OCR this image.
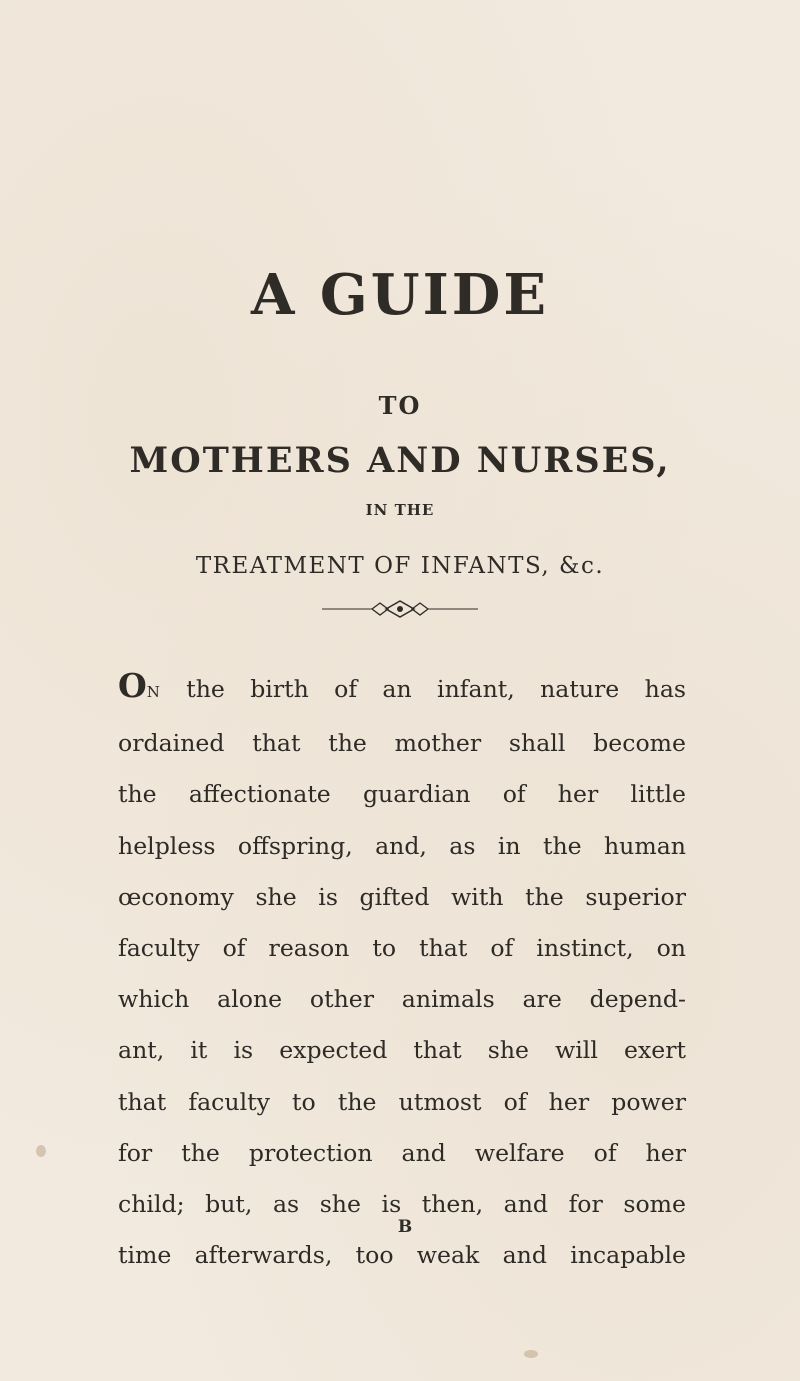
A GUIDE
TO
MOTHERS AND NURSES,
IN THE
TREATMENT OF INFANTS, &c.
ON the birth of an infant, nature has
ordained that the mother shall become
the affectionate guardian of her little
helpless offspring, and, as in the human
œconomy she is gifted with the superior
faculty of reason to that of instinct, on
which alone other animals are depend-
ant, it is expected that she will exert
that faculty to the utmost of her power
for the protection and welfare of her
child; but, as she is then, and for some
time afterwards, too weak and incapable
B
